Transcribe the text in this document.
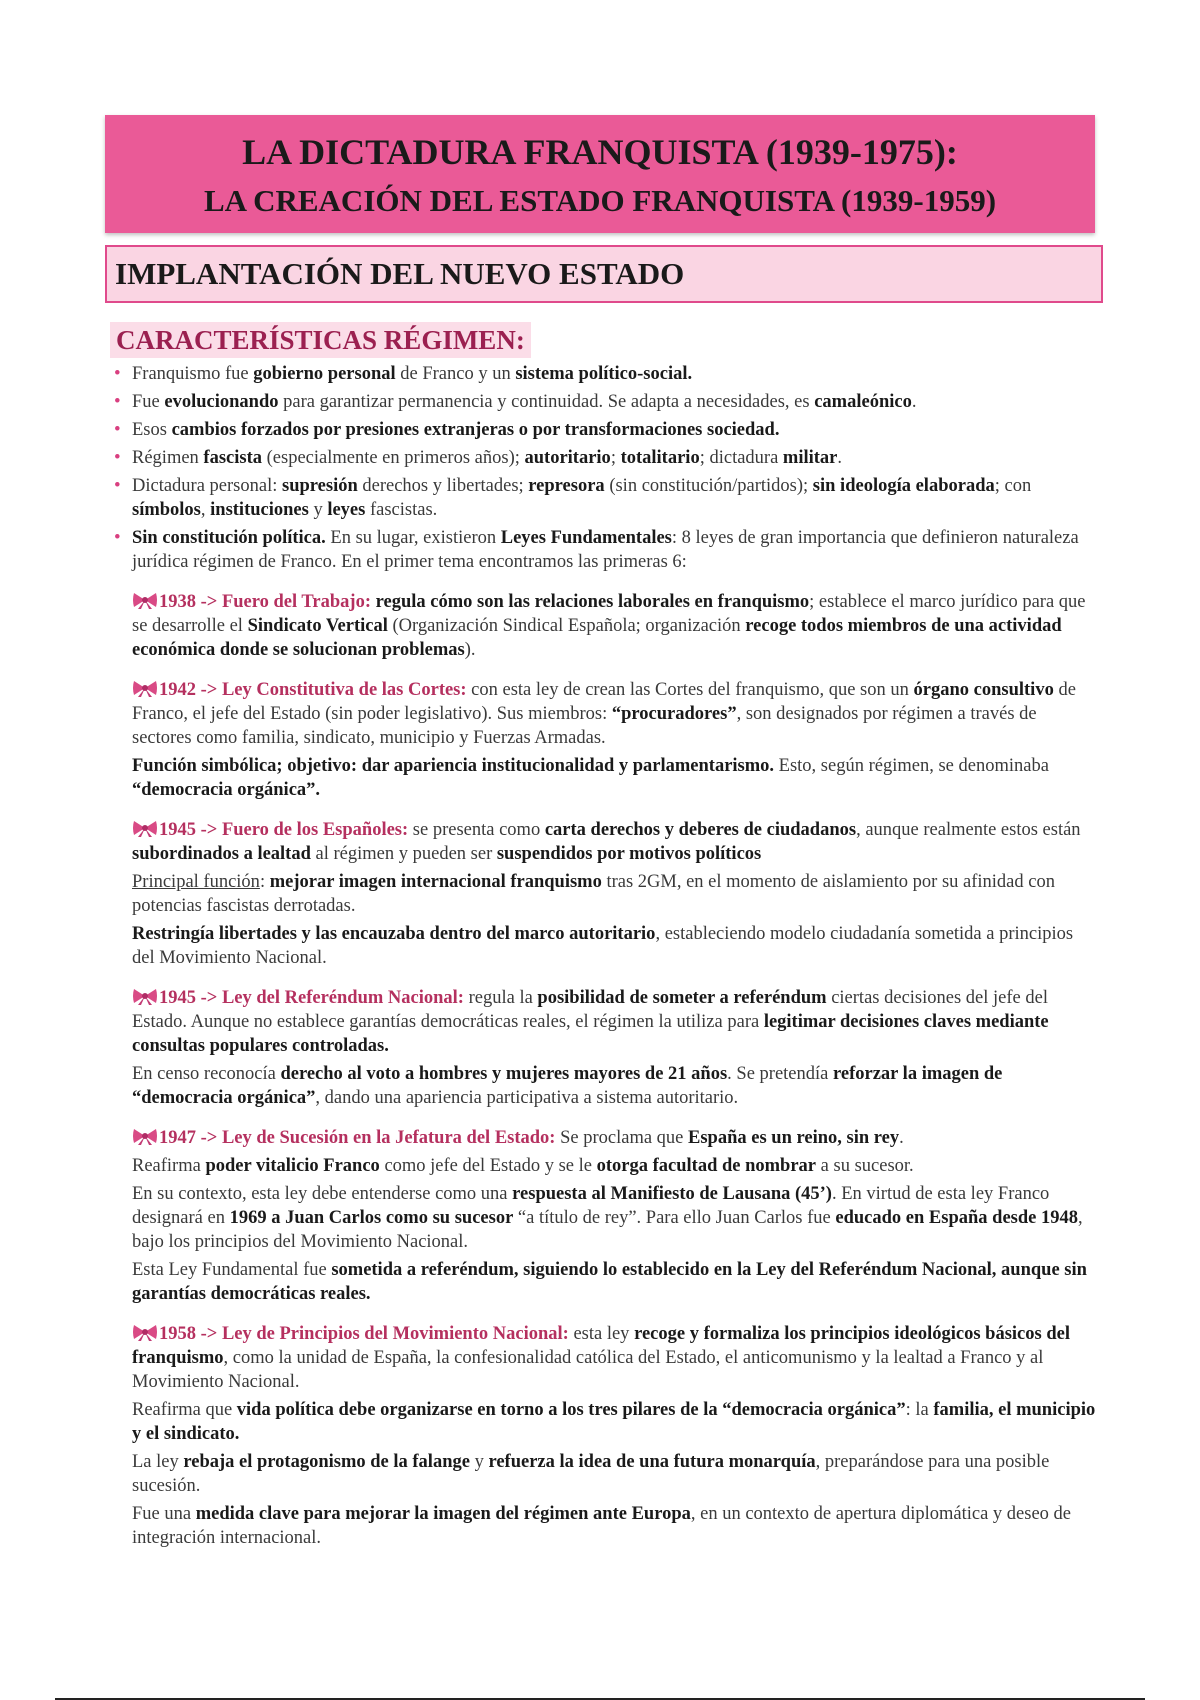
LA DICTADURA FRANQUISTA (1939-1975):
LA CREACIÓN DEL ESTADO FRANQUISTA (1939-1959)
IMPLANTACIÓN DEL NUEVO ESTADO
CARACTERÍSTICAS RÉGIMEN:
• Franquismo fue gobierno personal de Franco y un sistema político-social.
• Fue evolucionando para garantizar permanencia y continuidad. Se adapta a necesidades, es camaleónico.
• Esos cambios forzados por presiones extranjeras o por transformaciones sociedad.
• Régimen fascista (especialmente en primeros años); autoritario; totalitario; dictadura militar.
• Dictadura personal: supresión derechos y libertades; represora (sin constitución/partidos); sin ideología elaborada; con símbolos, instituciones y leyes fascistas.
• Sin constitución política. En su lugar, existieron Leyes Fundamentales: 8 leyes de gran importancia que definieron naturaleza jurídica régimen de Franco. En el primer tema encontramos las primeras 6:

1938 -> Fuero del Trabajo: regula cómo son las relaciones laborales en franquismo; establece el marco jurídico para que se desarrolle el Sindicato Vertical (Organización Sindical Española; organización recoge todos miembros de una actividad económica donde se solucionan problemas).

1942 -> Ley Constitutiva de las Cortes: con esta ley de crean las Cortes del franquismo, que son un órgano consultivo de Franco, el jefe del Estado (sin poder legislativo). Sus miembros: “procuradores”, son designados por régimen a través de sectores como familia, sindicato, municipio y Fuerzas Armadas.

Función simbólica; objetivo: dar apariencia institucionalidad y parlamentarismo. Esto, según régimen, se denominaba “democracia orgánica”.

1945 -> Fuero de los Españoles: se presenta como carta derechos y deberes de ciudadanos, aunque realmente estos están subordinados a lealtad al régimen y pueden ser suspendidos por motivos políticos

Principal función: mejorar imagen internacional franquismo tras 2GM, en el momento de aislamiento por su afinidad con potencias fascistas derrotadas.

Restringía libertades y las encauzaba dentro del marco autoritario, estableciendo modelo ciudadanía sometida a principios del Movimiento Nacional.

1945 -> Ley del Referéndum Nacional: regula la posibilidad de someter a referéndum ciertas decisiones del jefe del Estado. Aunque no establece garantías democráticas reales, el régimen la utiliza para legitimar decisiones claves mediante consultas populares controladas.

En censo reconocía derecho al voto a hombres y mujeres mayores de 21 años. Se pretendía reforzar la imagen de “democracia orgánica”, dando una apariencia participativa a sistema autoritario.

1947 -> Ley de Sucesión en la Jefatura del Estado: Se proclama que España es un reino, sin rey.

Reafirma poder vitalicio Franco como jefe del Estado y se le otorga facultad de nombrar a su sucesor.

En su contexto, esta ley debe entenderse como una respuesta al Manifiesto de Lausana (45’). En virtud de esta ley Franco designará en 1969 a Juan Carlos como su sucesor “a título de rey”. Para ello Juan Carlos fue educado en España desde 1948, bajo los principios del Movimiento Nacional.

Esta Ley Fundamental fue sometida a referéndum, siguiendo lo establecido en la Ley del Referéndum Nacional, aunque sin garantías democráticas reales.

1958 -> Ley de Principios del Movimiento Nacional: esta ley recoge y formaliza los principios ideológicos básicos del franquismo, como la unidad de España, la confesionalidad católica del Estado, el anticomunismo y la lealtad a Franco y al Movimiento Nacional.

Reafirma que vida política debe organizarse en torno a los tres pilares de la “democracia orgánica”: la familia, el municipio y el sindicato.

La ley rebaja el protagonismo de la falange y refuerza la idea de una futura monarquía, preparándose para una posible sucesión.

Fue una medida clave para mejorar la imagen del régimen ante Europa, en un contexto de apertura diplomática y deseo de integración internacional.
